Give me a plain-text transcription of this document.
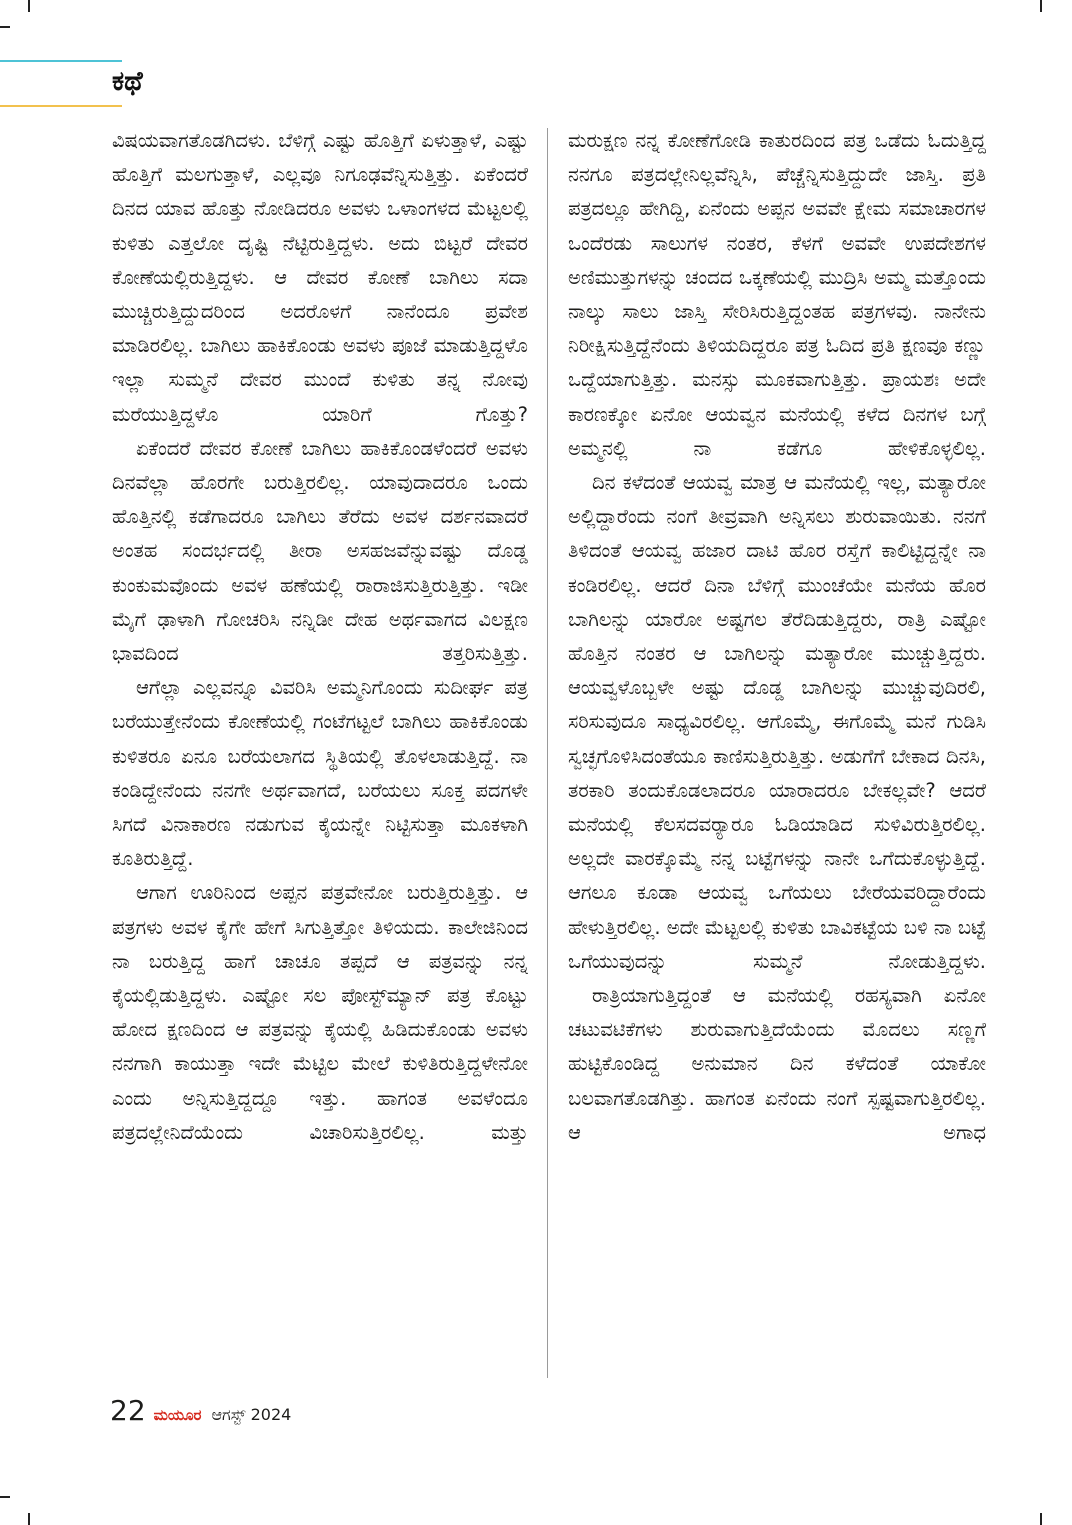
ಕಥೆ

ವಿಷಯವಾಗತೊಡಗಿದಳು. ಬೆಳಿಗ್ಗೆ ಎಷ್ಟು ಹೊತ್ತಿಗೆ ಏಳುತ್ತಾಳೆ, ಎಷ್ಟು ಹೊತ್ತಿಗೆ ಮಲಗುತ್ತಾಳೆ, ಎಲ್ಲವೂ ನಿಗೂಢವೆನ್ನಿಸುತ್ತಿತ್ತು. ಏಕೆಂದರೆ ದಿನದ ಯಾವ ಹೊತ್ತು ನೋಡಿದರೂ ಅವಳು ಒಳಾಂಗಳದ ಮೆಟ್ಟಲಲ್ಲಿ ಕುಳಿತು ಎತ್ತಲೋ ದೃಷ್ಟಿ ನೆಟ್ಟಿರುತ್ತಿದ್ದಳು. ಅದು ಬಿಟ್ಟರೆ ದೇವರ ಕೋಣೆಯಲ್ಲಿರುತ್ತಿದ್ದಳು. ಆ ದೇವರ ಕೋಣೆ ಬಾಗಿಲು ಸದಾ ಮುಚ್ಚಿರುತ್ತಿದ್ದುದರಿಂದ ಅದರೊಳಗೆ ನಾನೆಂದೂ ಪ್ರವೇಶ ಮಾಡಿರಲಿಲ್ಲ. ಬಾಗಿಲು ಹಾಕಿಕೊಂಡು ಅವಳು ಪೂಜೆ ಮಾಡುತ್ತಿದ್ದಳೊ ಇಲ್ಲಾ ಸುಮ್ಮನೆ ದೇವರ ಮುಂದೆ ಕುಳಿತು ತನ್ನ ನೋವು ಮರೆಯುತ್ತಿದ್ದಳೊ ಯಾರಿಗೆ ಗೊತ್ತು?

ಏಕೆಂದರೆ ದೇವರ ಕೋಣೆ ಬಾಗಿಲು ಹಾಕಿಕೊಂಡಳೆಂದರೆ ಅವಳು ದಿನವೆಲ್ಲಾ ಹೊರಗೇ ಬರುತ್ತಿರಲಿಲ್ಲ. ಯಾವುದಾದರೂ ಒಂದು ಹೊತ್ತಿನಲ್ಲಿ ಕಡೆಗಾದರೂ ಬಾಗಿಲು ತೆರೆದು ಅವಳ ದರ್ಶನವಾದರೆ ಅಂತಹ ಸಂದರ್ಭದಲ್ಲಿ ತೀರಾ ಅಸಹಜವೆನ್ನುವಷ್ಟು ದೊಡ್ಡ ಕುಂಕುಮವೊಂದು ಅವಳ ಹಣೆಯಲ್ಲಿ ರಾರಾಜಿಸುತ್ತಿರುತ್ತಿತ್ತು. ಇಡೀ ಮೈಗೆ ಢಾಳಾಗಿ ಗೋಚರಿಸಿ ನನ್ನಿಡೀ ದೇಹ ಅರ್ಥವಾಗದ ವಿಲಕ್ಷಣ ಭಾವದಿಂದ ತತ್ತರಿಸುತ್ತಿತ್ತು.

ಆಗೆಲ್ಲಾ ಎಲ್ಲವನ್ನೂ ವಿವರಿಸಿ ಅಮ್ಮನಿಗೊಂದು ಸುದೀರ್ಘ ಪತ್ರ ಬರೆಯುತ್ತೇನೆಂದು ಕೋಣೆಯಲ್ಲಿ ಗಂಟೆಗಟ್ಟಲೆ ಬಾಗಿಲು ಹಾಕಿಕೊಂಡು ಕುಳಿತರೂ ಏನೂ ಬರೆಯಲಾಗದ ಸ್ಥಿತಿಯಲ್ಲಿ ತೊಳಲಾಡುತ್ತಿದ್ದೆ. ನಾ ಕಂಡಿದ್ದೇನೆಂದು ನನಗೇ ಅರ್ಥವಾಗದೆ, ಬರೆಯಲು ಸೂಕ್ತ ಪದಗಳೇ ಸಿಗದೆ ವಿನಾಕಾರಣ ನಡುಗುವ ಕೈಯನ್ನೇ ನಿಟ್ಟಿಸುತ್ತಾ ಮೂಕಳಾಗಿ ಕೂತಿರುತ್ತಿದ್ದೆ.

ಆಗಾಗ ಊರಿನಿಂದ ಅಪ್ಪನ ಪತ್ರವೇನೋ ಬರುತ್ತಿರುತ್ತಿತ್ತು. ಆ ಪತ್ರಗಳು ಅವಳ ಕೈಗೇ ಹೇಗೆ ಸಿಗುತ್ತಿತ್ತೋ ತಿಳಿಯದು. ಕಾಲೇಜಿನಿಂದ ನಾ ಬರುತ್ತಿದ್ದ ಹಾಗೆ ಚಾಚೂ ತಪ್ಪದೆ ಆ ಪತ್ರವನ್ನು ನನ್ನ ಕೈಯಲ್ಲಿಡುತ್ತಿದ್ದಳು. ಎಷ್ಟೋ ಸಲ ಪೋಸ್ಟ್‌ಮ್ಯಾನ್ ಪತ್ರ ಕೊಟ್ಟು ಹೋದ ಕ್ಷಣದಿಂದ ಆ ಪತ್ರವನ್ನು ಕೈಯಲ್ಲಿ ಹಿಡಿದುಕೊಂಡು ಅವಳು ನನಗಾಗಿ ಕಾಯುತ್ತಾ ಇದೇ ಮೆಟ್ಟಿಲ ಮೇಲೆ ಕುಳಿತಿರುತ್ತಿದ್ದಳೇನೋ ಎಂದು ಅನ್ನಿಸುತ್ತಿದ್ದದ್ದೂ ಇತ್ತು. ಹಾಗಂತ ಅವಳೆಂದೂ ಪತ್ರದಲ್ಲೇನಿದೆಯೆಂದು ವಿಚಾರಿಸುತ್ತಿರಲಿಲ್ಲ. ಮತ್ತು

ಮರುಕ್ಷಣ ನನ್ನ ಕೋಣೆಗೋಡಿ ಕಾತುರದಿಂದ ಪತ್ರ ಒಡೆದು ಓದುತ್ತಿದ್ದ ನನಗೂ ಪತ್ರದಲ್ಲೇನಿಲ್ಲವೆನ್ನಿಸಿ, ಪೆಚ್ಚೆನ್ನಿಸುತ್ತಿದ್ದುದೇ ಜಾಸ್ತಿ. ಪ್ರತಿ ಪತ್ರದಲ್ಲೂ ಹೇಗಿದ್ದಿ, ಏನೆಂದು ಅಪ್ಪನ ಅವವೇ ಕ್ಷೇಮ ಸಮಾಚಾರಗಳ ಒಂದೆರಡು ಸಾಲುಗಳ ನಂತರ, ಕೆಳಗೆ ಅವವೇ ಉಪದೇಶಗಳ ಅಣಿಮುತ್ತುಗಳನ್ನು ಚಂದದ ಒಕ್ಕಣೆಯಲ್ಲಿ ಮುದ್ರಿಸಿ ಅಮ್ಮ ಮತ್ತೊಂದು ನಾಲ್ಕು ಸಾಲು ಜಾಸ್ತಿ ಸೇರಿಸಿರುತ್ತಿದ್ದಂತಹ ಪತ್ರಗಳವು. ನಾನೇನು ನಿರೀಕ್ಷಿಸುತ್ತಿದ್ದೆನೆಂದು ತಿಳಿಯದಿದ್ದರೂ ಪತ್ರ ಓದಿದ ಪ್ರತಿ ಕ್ಷಣವೂ ಕಣ್ಣು ಒದ್ದೆಯಾಗುತ್ತಿತ್ತು. ಮನಸ್ಸು ಮೂಕವಾಗುತ್ತಿತ್ತು. ಪ್ರಾಯಶಃ ಅದೇ ಕಾರಣಕ್ಕೋ ಏನೋ ಆಯವ್ವನ ಮನೆಯಲ್ಲಿ ಕಳೆದ ದಿನಗಳ ಬಗ್ಗೆ ಅಮ್ಮನಲ್ಲಿ ನಾ ಕಡೆಗೂ ಹೇಳಿಕೊಳ್ಳಲಿಲ್ಲ.

ದಿನ ಕಳೆದಂತೆ ಆಯವ್ವ ಮಾತ್ರ ಆ ಮನೆಯಲ್ಲಿ ಇಲ್ಲ, ಮತ್ಯಾರೋ ಅಲ್ಲಿದ್ದಾರೆಂದು ನಂಗೆ ತೀವ್ರವಾಗಿ ಅನ್ನಿಸಲು ಶುರುವಾಯಿತು. ನನಗೆ ತಿಳಿದಂತೆ ಆಯವ್ವ ಹಜಾರ ದಾಟಿ ಹೊರ ರಸ್ತೆಗೆ ಕಾಲಿಟ್ಟಿದ್ದನ್ನೇ ನಾ ಕಂಡಿರಲಿಲ್ಲ. ಆದರೆ ದಿನಾ ಬೆಳಿಗ್ಗೆ ಮುಂಚೆಯೇ ಮನೆಯ ಹೊರ ಬಾಗಿಲನ್ನು ಯಾರೋ ಅಷ್ಟಗಲ ತೆರೆದಿಡುತ್ತಿದ್ದರು, ರಾತ್ರಿ ಎಷ್ಟೋ ಹೊತ್ತಿನ ನಂತರ ಆ ಬಾಗಿಲನ್ನು ಮತ್ಯಾರೋ ಮುಚ್ಚುತ್ತಿದ್ದರು. ಆಯವ್ವಳೊಬ್ಬಳೇ ಅಷ್ಟು ದೊಡ್ಡ ಬಾಗಿಲನ್ನು ಮುಚ್ಚುವುದಿರಲಿ, ಸರಿಸುವುದೂ ಸಾಧ್ಯವಿರಲಿಲ್ಲ. ಆಗೊಮ್ಮೆ, ಈಗೊಮ್ಮೆ ಮನೆ ಗುಡಿಸಿ ಸ್ವಚ್ಛಗೊಳಿಸಿದಂತೆಯೂ ಕಾಣಿಸುತ್ತಿರುತ್ತಿತ್ತು. ಅಡುಗೆಗೆ ಬೇಕಾದ ದಿನಸಿ, ತರಕಾರಿ ತಂದುಕೊಡಲಾದರೂ ಯಾರಾದರೂ ಬೇಕಲ್ಲವೇ? ಆದರೆ ಮನೆಯಲ್ಲಿ ಕೆಲಸದವರ್‍ಯಾರೂ ಓಡಿಯಾಡಿದ ಸುಳಿವಿರುತ್ತಿರಲಿಲ್ಲ. ಅಲ್ಲದೇ ವಾರಕ್ಕೊಮ್ಮೆ ನನ್ನ ಬಟ್ಟೆಗಳನ್ನು ನಾನೇ ಒಗೆದುಕೊಳ್ಳುತ್ತಿದ್ದೆ. ಆಗಲೂ ಕೂಡಾ ಆಯವ್ವ ಒಗೆಯಲು ಬೇರೆಯವರಿದ್ದಾರೆಂದು ಹೇಳುತ್ತಿರಲಿಲ್ಲ. ಅದೇ ಮೆಟ್ಟಲಲ್ಲಿ ಕುಳಿತು ಬಾವಿಕಟ್ಟೆಯ ಬಳಿ ನಾ ಬಟ್ಟೆ ಒಗೆಯುವುದನ್ನು ಸುಮ್ಮನೆ ನೋಡುತ್ತಿದ್ದಳು.

ರಾತ್ರಿಯಾಗುತ್ತಿದ್ದಂತೆ ಆ ಮನೆಯಲ್ಲಿ ರಹಸ್ಯವಾಗಿ ಏನೋ ಚಟುವಟಿಕೆಗಳು ಶುರುವಾಗುತ್ತಿದೆಯೆಂದು ಮೊದಲು ಸಣ್ಣಗೆ ಹುಟ್ಟಿಕೊಂಡಿದ್ದ ಅನುಮಾನ ದಿನ ಕಳೆದಂತೆ ಯಾಕೋ ಬಲವಾಗತೊಡಗಿತ್ತು. ಹಾಗಂತ ಏನೆಂದು ನಂಗೆ ಸ್ಪಷ್ಟವಾಗುತ್ತಿರಲಿಲ್ಲ. ಆ ಅಗಾಧ

22 ಮಯೂರ ಆಗಸ್ಟ್ 2024
